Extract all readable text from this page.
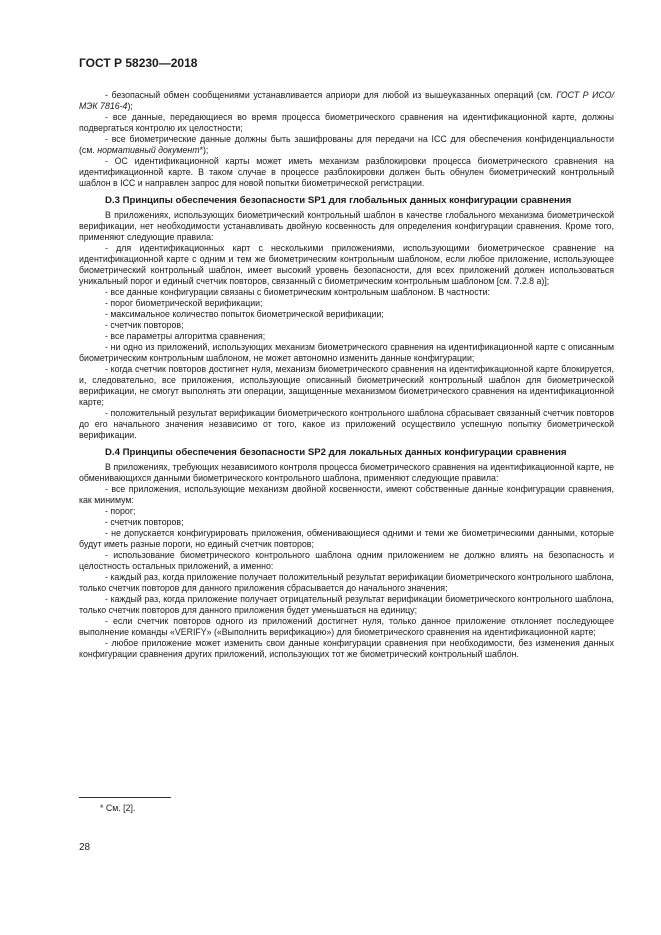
ГОСТ Р 58230—2018

- безопасный обмен сообщениями устанавливается априори для любой из вышеуказанных операций (см. ГОСТ Р ИСО/МЭК 7816-4);

- все данные, передающиеся во время процесса биометрического сравнения на идентификационной карте, должны подвергаться контролю их целостности;

- все биометрические данные должны быть зашифрованы для передачи на ICC для обеспечения конфиденциальности (см. нормативный документ*);

- ОС идентификационной карты может иметь механизм разблокировки процесса биометрического сравнения на идентификационной карте. В таком случае в процессе разблокировки должен быть обнулен биометрический контрольный шаблон в ICC и направлен запрос для новой попытки биометрической регистрации.

D.3 Принципы обеспечения безопасности SP1 для глобальных данных конфигурации сравнения

В приложениях, использующих биометрический контрольный шаблон в качестве глобального механизма биометрической верификации, нет необходимости устанавливать двойную косвенность для определения конфигурации сравнения. Кроме того, применяют следующие правила:

- для идентификационных карт с несколькими приложениями, использующими биометрическое сравнение на идентификационной карте с одним и тем же биометрическим контрольным шаблоном, если любое приложение, использующее биометрический контрольный шаблон, имеет высокий уровень безопасности, для всех приложений должен использоваться уникальный порог и единый счетчик повторов, связанный с биометрическим контрольным шаблоном [см. 7.2.8 а)];

- все данные конфигурации связаны с биометрическим контрольным шаблоном. В частности:

- порог биометрической верификации;

- максимальное количество попыток биометрической верификации;

- счетчик повторов;

- все параметры алгоритма сравнения;

- ни одно из приложений, использующих механизм биометрического сравнения на идентификационной карте с описанным биометрическим контрольным шаблоном, не может автономно изменить данные конфигурации;

- когда счетчик повторов достигнет нуля, механизм биометрического сравнения на идентификационной карте блокируется, и, следовательно, все приложения, использующие описанный биометрический контрольный шаблон для биометрической верификации, не смогут выполнять эти операции, защищенные механизмом биометрического сравнения на идентификационной карте;

- положительный результат верификации биометрического контрольного шаблона сбрасывает связанный счетчик повторов до его начального значения независимо от того, какое из приложений осуществило успешную попытку биометрической верификации.

D.4 Принципы обеспечения безопасности SP2 для локальных данных конфигурации сравнения

В приложениях, требующих независимого контроля процесса биометрического сравнения на идентификационной карте, не обменивающихся данными биометрического контрольного шаблона, применяют следующие правила:

- все приложения, использующие механизм двойной косвенности, имеют собственные данные конфигурации сравнения, как минимум:

- порог;

- счетчик повторов;

- не допускается конфигурировать приложения, обменивающиеся одними и теми же биометрическими данными, которые будут иметь разные пороги, но единый счетчик повторов;

- использование биометрического контрольного шаблона одним приложением не должно влиять на безопасность и целостность остальных приложений, а именно:

- каждый раз, когда приложение получает положительный результат верификации биометрического контрольного шаблона, только счетчик повторов для данного приложения сбрасывается до начального значения;

- каждый раз, когда приложение получает отрицательный результат верификации биометрического контрольного шаблона, только счетчик повторов для данного приложения будет уменьшаться на единицу;

- если счетчик повторов одного из приложений достигнет нуля, только данное приложение отклоняет последующее выполнение команды «VERIFY» («Выполнить верификацию») для биометрического сравнения на идентификационной карте;

- любое приложение может изменить свои данные конфигурации сравнения при необходимости, без изменения данных конфигурации сравнения других приложений, использующих тот же биометрический контрольный шаблон.

* См. [2].
28
